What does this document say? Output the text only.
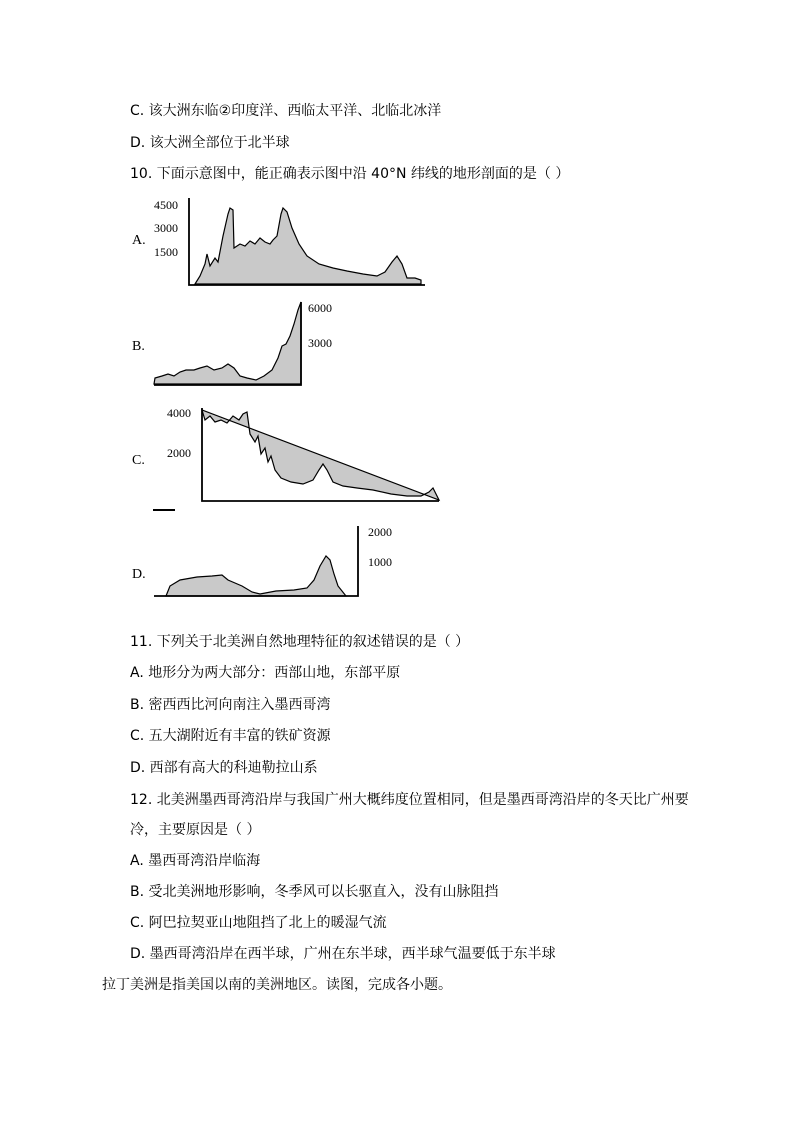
C. 该大洲东临②印度洋、西临太平洋、北临北冰洋
D. 该大洲全部位于北半球
10. 下面示意图中，能正确表示图中沿 40°N 纬线的地形剖面的是（ ）
A.
4500
3000
1500
B.
6000
3000
C.
4000
2000
D.
2000
1000
11. 下列关于北美洲自然地理特征的叙述错误的是（ ）
A. 地形分为两大部分：西部山地，东部平原
B. 密西西比河向南注入墨西哥湾
C. 五大湖附近有丰富的铁矿资源
D. 西部有高大的科迪勒拉山系
12. 北美洲墨西哥湾沿岸与我国广州大概纬度位置相同，但是墨西哥湾沿岸的冬天比广州要
冷，主要原因是（ ）
A. 墨西哥湾沿岸临海
B. 受北美洲地形影响，冬季风可以长驱直入，没有山脉阻挡
C. 阿巴拉契亚山地阻挡了北上的暖湿气流
D. 墨西哥湾沿岸在西半球，广州在东半球，西半球气温要低于东半球
拉丁美洲是指美国以南的美洲地区。读图，完成各小题。
